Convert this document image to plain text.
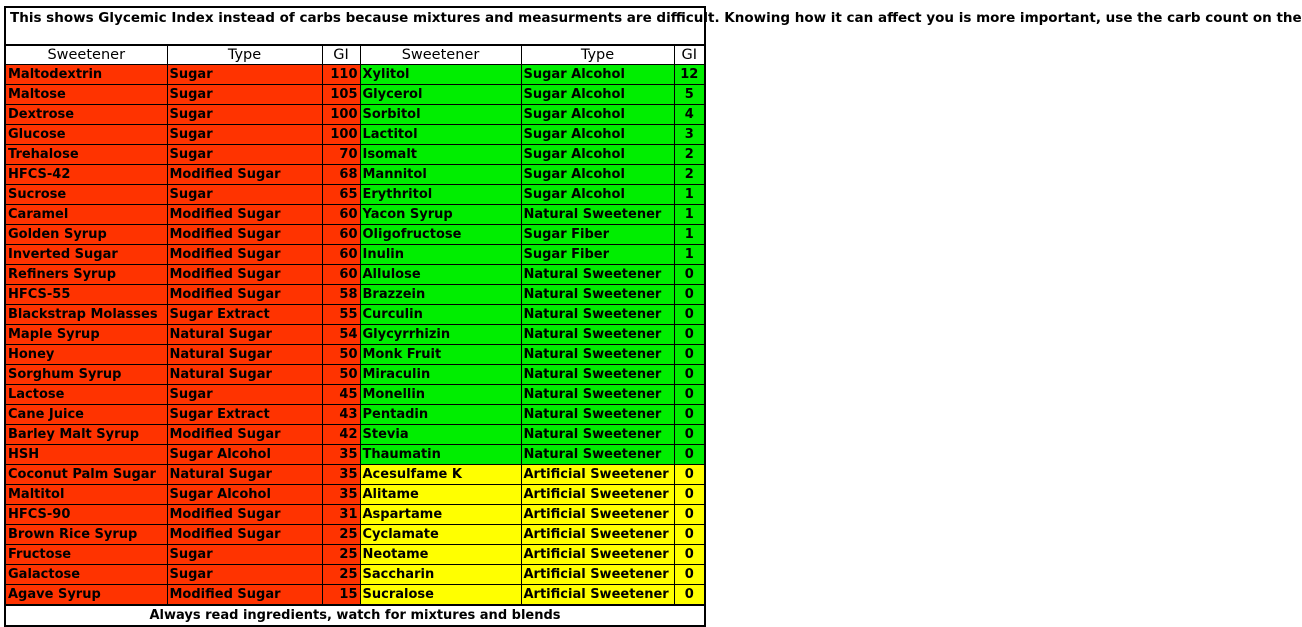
This shows Glycemic Index instead of carbs because mixtures and measurments are difficult. Knowing how it can affect you is more important, use the carb count on the
Sweetener	Type	GI	Sweetener	Type	GI
Maltodextrin	Sugar	110	Xylitol	Sugar Alcohol	12
Maltose	Sugar	105	Glycerol	Sugar Alcohol	5
Dextrose	Sugar	100	Sorbitol	Sugar Alcohol	4
Glucose	Sugar	100	Lactitol	Sugar Alcohol	3
Trehalose	Sugar	70	Isomalt	Sugar Alcohol	2
HFCS-42	Modified Sugar	68	Mannitol	Sugar Alcohol	2
Sucrose	Sugar	65	Erythritol	Sugar Alcohol	1
Caramel	Modified Sugar	60	Yacon Syrup	Natural Sweetener	1
Golden Syrup	Modified Sugar	60	Oligofructose	Sugar Fiber	1
Inverted Sugar	Modified Sugar	60	Inulin	Sugar Fiber	1
Refiners Syrup	Modified Sugar	60	Allulose	Natural Sweetener	0
HFCS-55	Modified Sugar	58	Brazzein	Natural Sweetener	0
Blackstrap Molasses	Sugar Extract	55	Curculin	Natural Sweetener	0
Maple Syrup	Natural Sugar	54	Glycyrrhizin	Natural Sweetener	0
Honey	Natural Sugar	50	Monk Fruit	Natural Sweetener	0
Sorghum Syrup	Natural Sugar	50	Miraculin	Natural Sweetener	0
Lactose	Sugar	45	Monellin	Natural Sweetener	0
Cane Juice	Sugar Extract	43	Pentadin	Natural Sweetener	0
Barley Malt Syrup	Modified Sugar	42	Stevia	Natural Sweetener	0
HSH	Sugar Alcohol	35	Thaumatin	Natural Sweetener	0
Coconut Palm Sugar	Natural Sugar	35	Acesulfame K	Artificial Sweetener	0
Maltitol	Sugar Alcohol	35	Alitame	Artificial Sweetener	0
HFCS-90	Modified Sugar	31	Aspartame	Artificial Sweetener	0
Brown Rice Syrup	Modified Sugar	25	Cyclamate	Artificial Sweetener	0
Fructose	Sugar	25	Neotame	Artificial Sweetener	0
Galactose	Sugar	25	Saccharin	Artificial Sweetener	0
Agave Syrup	Modified Sugar	15	Sucralose	Artificial Sweetener	0
Always read ingredients, watch for mixtures and blends
